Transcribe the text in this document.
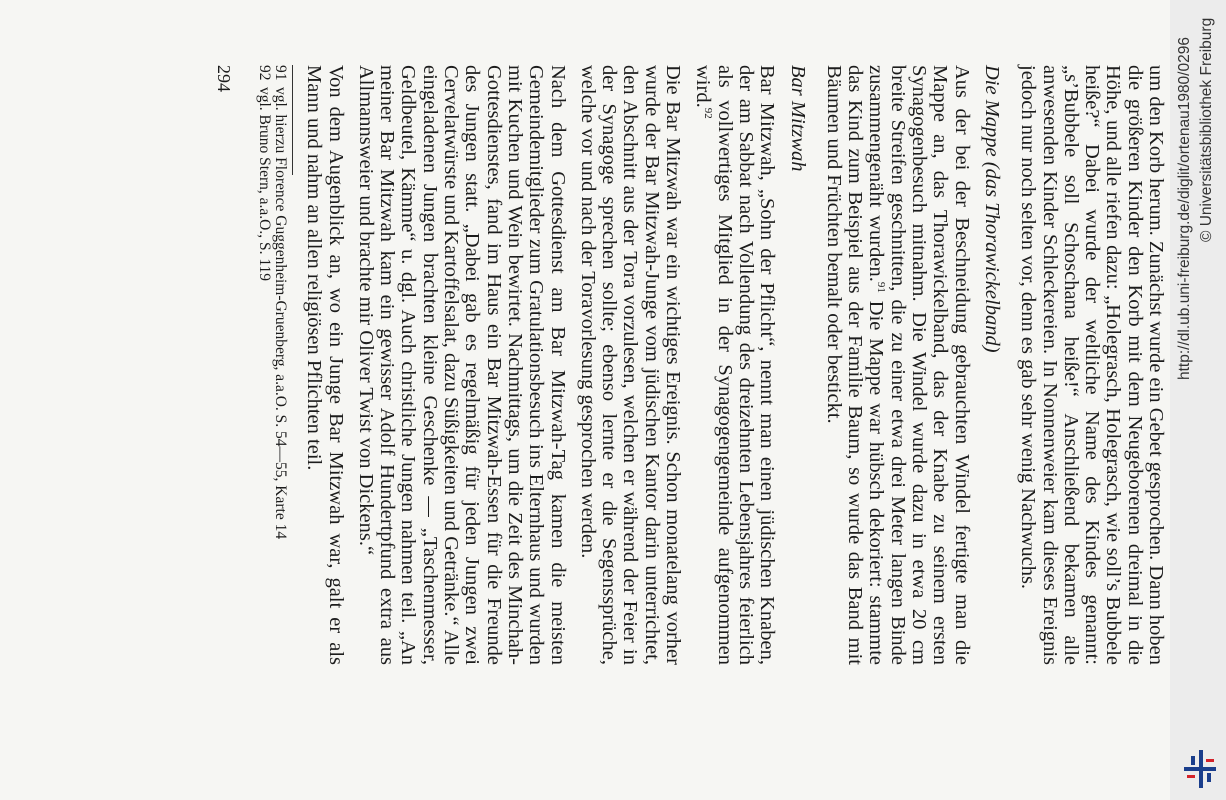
um den Korb herum. Zunächst wurde ein Gebet gesprochen. Dann hoben die größeren Kinder den Korb mit dem Neugeborenen dreimal in die Höhe, und alle riefen dazu: „Holegrasch, Holegrasch, wie soll’s Bubbele heiße?“ Dabei wurde der weltliche Name des Kindes genannt: „s’Bubbele soll Schoschana heiße!“ Anschließend bekamen alle anwesenden Kinder Schleckereien. In Nonnenweier kam dieses Ereignis jedoch nur noch selten vor, denn es gab sehr wenig Nachwuchs.

Die Mappe (das Thorawickelband)

Aus der bei der Beschneidung gebrauchten Windel fertigte man die Mappe an, das Thorawickelband, das der Knabe zu seinem ersten Synagogenbesuch mitnahm. Die Windel wurde dazu in etwa 20 cm breite Streifen geschnitten, die zu einer etwa drei Meter langen Binde zusammengenäht wurden.$^{91}$ Die Mappe war hübsch dekoriert: stammte das Kind zum Beispiel aus der Familie Baum, so wurde das Band mit Bäumen und Früchten bemalt oder bestickt.

Bar Mitzwah

Bar Mitzwah, „Sohn der Pflicht“, nennt man einen jüdischen Knaben, der am Sabbat nach Vollendung des dreizehnten Lebensjahres feierlich als vollwertiges Mitglied in der Synagogengemeinde aufgenommen wird.$^{92}$

Die Bar Mitzwah war ein wichtiges Ereignis. Schon monatelang vorher wurde der Bar Mitzwah-Junge vom jüdischen Kantor darin unterrichtet, den Abschnitt aus der Tora vorzulesen, welchen er während der Feier in der Synagoge sprechen sollte; ebenso lernte er die Segenssprüche, welche vor und nach der Toravorlesung gesprochen werden.

Nach dem Gottesdienst am Bar Mitzwah-Tag kamen die meisten Gemeindemitglieder zum Gratulationsbesuch ins Elternhaus und wurden mit Kuchen und Wein bewirtet. Nachmittags, um die Zeit des Minchah-Gottesdienstes, fand im Haus ein Bar Mitzwah-Essen für die Freunde des Jungen statt. „Dabei gab es regelmäßig für jeden Jungen zwei Cervelatwürste und Kartoffelsalat, dazu Süßigkeiten und Getränke.“ Alle eingeladenen Jungen brachten kleine Geschenke — „Taschenmesser, Geldbeutel, Kämme“ u. dgl. Auch christliche Jungen nahmen teil. „An meiner Bar Mitzwah kam ein gewisser Adolf Hundertpfund extra aus Allmannsweier und brachte mir Oliver Twist von Dickens.“

Von dem Augenblick an, wo ein Junge Bar Mitzwah war, galt er als Mann und nahm an allen religiösen Pflichten teil.

91vgl. hierzu Florence Guggenheim-Gruenberg, a.a.O. S. 54—55, Karte 14
92vgl. Bruno Stern, a.a.O., S. 119
294	http://dl.ub.uni-freiburg.de/diglit/ortenau1980/0296 © Universitätsbibliothek Freiburg
